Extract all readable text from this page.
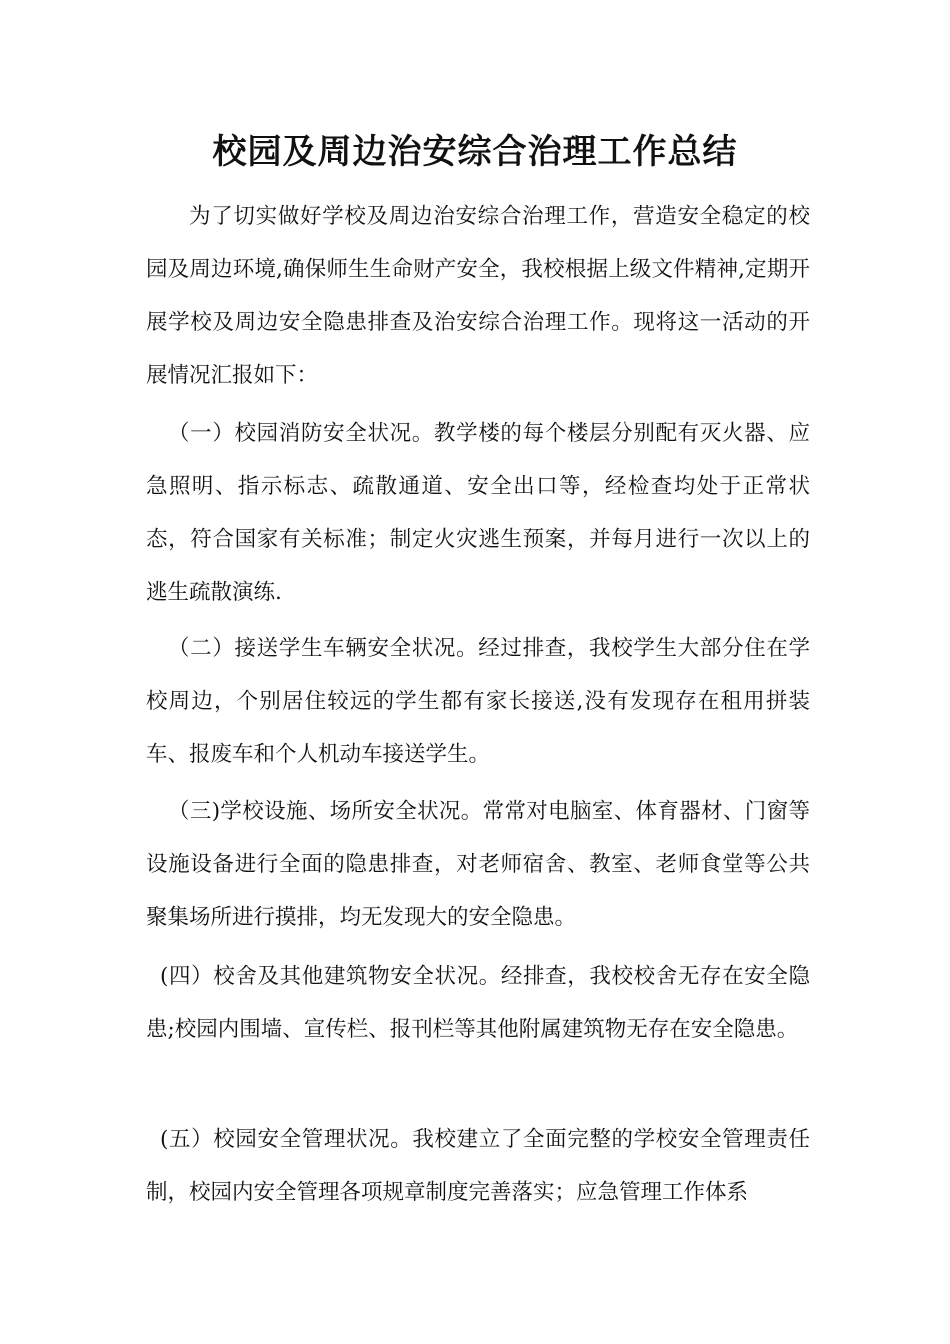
校园及周边治安综合治理工作总结

为了切实做好学校及周边治安综合治理工作，营造安全稳定的校园及周边环境,确保师生生命财产安全，我校根据上级文件精神,定期开展学校及周边安全隐患排查及治安综合治理工作。现将这一活动的开展情况汇报如下：

（一）校园消防安全状况。教学楼的每个楼层分别配有灭火器、应急照明、指示标志、疏散通道、安全出口等，经检查均处于正常状态，符合国家有关标准；制定火灾逃生预案，并每月进行一次以上的逃生疏散演练.

（二）接送学生车辆安全状况。经过排查，我校学生大部分住在学校周边，个别居住较远的学生都有家长接送,没有发现存在租用拼装车、报废车和个人机动车接送学生。

（三)学校设施、场所安全状况。常常对电脑室、体育器材、门窗等设施设备进行全面的隐患排查，对老师宿舍、教室、老师食堂等公共聚集场所进行摸排，均无发现大的安全隐患。

(四）校舍及其他建筑物安全状况。经排查，我校校舍无存在安全隐患;校园内围墙、宣传栏、报刊栏等其他附属建筑物无存在安全隐患。

(五）校园安全管理状况。我校建立了全面完整的学校安全管理责任制，校园内安全管理各项规章制度完善落实；应急管理工作体系
